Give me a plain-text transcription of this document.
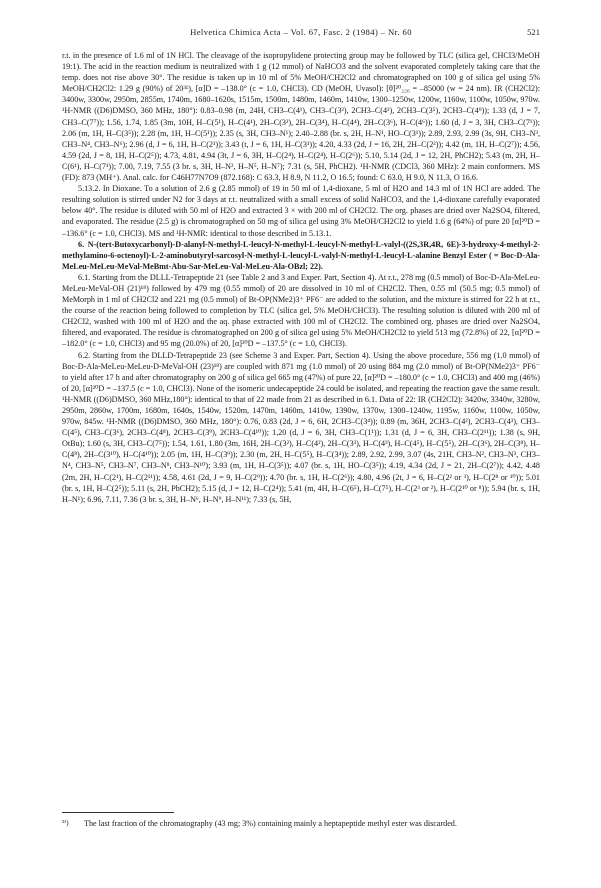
Helvetica Chimica Acta – Vol. 67, Fasc. 2 (1984) – Nr. 60	521

r.t. in the presence of 1.6 ml of 1N HCl. The cleavage of the isopropylidene protecting group may be followed by TLC (silica gel, CHCl3/MeOH 19:1). The acid in the reaction medium is neutralized with 1 g (12 mmol) of NaHCO3 and the solvent evaporated completely taking care that the temp. does not rise above 30°. The residue is taken up in 10 ml of 5% MeOH/CH2Cl2 and chromatographed on 100 g of silica gel using 5% MeOH/CH2Cl2: 1.29 g (90%) of 20³¹), [α]D = –138.0° (c = 1.0, CHCl3). CD (MeOH, Uvasol): [θ]²⁰₂₂₆ = –85000 (w = 24 nm). IR (CH2Cl2): 3400w, 3300w, 2950m, 2855m, 1740m, 1680–1620s, 1515m, 1500m, 1480m, 1460m, 1410w, 1300–1250w, 1200w, 1160w, 1100w, 1050w, 970w. ¹H-NMR ((D6)DMSO, 360 MHz, 180°): 0.83–0.98 (m, 24H, CH3–C(4¹), CH3–C(3²), 2CH3–C(4³), 2CH3–C(3⁵), 2CH3–C(4⁹)); 1.33 (d, J = 7, CH3–C(7⁷)); 1.56, 1.74, 1.85 (3m, 10H, H–C(5¹), H–C(4¹), 2H–C(3²), 2H–C(3⁴), H–C(4⁴), 2H–C(3⁶), H–C(4⁶)); 1.60 (d, J = 3, 3H, CH3–C(7¹)); 2.06 (m, 1H, H–C(3⁵)); 2.28 (m, 1H, H–C(5¹)); 2.35 (s, 3H, CH3–N¹); 2.40–2.88 (br. s, 2H, H–N¹, HO–C(3¹)); 2.89, 2.93, 2.99 (3s, 9H, CH3–N³, CH3–N⁴, CH3–N⁶); 2.96 (d, J = 6, 1H, H–C(2¹)); 3.43 (t, J = 6, 1H, H–C(3¹)); 4.20, 4.33 (2d, J = 16, 2H, 2H–C(2²)); 4.42 (m, 1H, H–C(2⁷)); 4.56, 4.59 (2d, J = 8, 1H, H–C(2⁵)); 4.73, 4.81, 4.94 (3t, J = 6, 3H, H–C(2⁴), H–C(2⁴), H–C(2⁶)); 5.10, 5.14 (2d, J = 12, 2H, PhCH2); 5.43 (m, 2H, H–C(6¹), H–C(7¹)); 7.00, 7.19, 7.55 (3 br. s, 3H, H–N², H–N⁵, H–N⁷); 7.31 (s, 5H, PhCH2). ¹H-NMR (CDCl3, 360 MHz): 2 main conformers. MS (FD): 873 (MH⁺). Anal. calc. for C46H77N7O9 (872.168): C 63.3, H 8.9, N 11.2, O 16.5; found: C 63.0, H 9.0, N 11.3, O 16.6.

5.13.2. In Dioxane. To a solution of 2.6 g (2.85 mmol) of 19 in 50 ml of 1,4-dioxane, 5 ml of H2O and 14.3 ml of 1N HCl are added. The resulting solution is stirred under N2 for 3 days at r.t. neutralized with a small excess of solid NaHCO3, and the 1,4-dioxane carefully evaporated below 40°. The residue is diluted with 50 ml of H2O and extracted 3 × with 200 ml of CH2Cl2. The org. phases are dried over Na2SO4, filtered, and evaporated. The residue (2.5 g) is chromatographed on 50 mg of silica gel using 3% MeOH/CH2Cl2 to yield 1.6 g (64%) of pure 20 [α]²⁰D = –136.6° (c = 1.0, CHCl3). MS and ¹H-NMR: identical to those described in 5.13.1.

6. N-(tert-Butoxycarbonyl)-D-alanyl-N-methyl-L-leucyl-N-methyl-L-leucyl-N-methyl-L-valyl-((2S,3R,4R, 6E)-3-hydroxy-4-methyl-2-methylamino-6-octenoyl)-L-2-aminobutyryl-sarcosyl-N-methyl-L-leucyl-L-valyl-N-methyl-L-leucyl-L-alanine Benzyl Ester ( = Boc-D-Ala-MeLeu-MeLeu-MeVal-MeBmt-Abu-Sar-MeLeu-Val-MeLeu-Ala-OBzl; 22).

6.1. Starting from the DLLL-Tetrapeptide 21 (see Table 2 and 3 and Exper. Part, Section 4). At r.t., 278 mg (0.5 mmol) of Boc-D-Ala-MeLeu-MeLeu-MeVal-OH (21)¹⁸) followed by 479 mg (0.55 mmol) of 20 are dissolved in 10 ml of CH2Cl2. Then, 0.55 ml (50.5 mg; 0.5 mmol) of MeMorph in 1 ml of CH2Cl2 and 221 mg (0.5 mmol) of Bt-OP(NMe2)3⁺ PF6⁻ are added to the solution, and the mixture is stirred for 22 h at r.t., the course of the reaction being followed to completion by TLC (silica gel, 5% MeOH/CHCl3). The resulting solution is diluted with 200 ml of CH2Cl2, washed with 100 ml of H2O and the aq. phase extracted with 100 ml of CH2Cl2. The combined org. phases are dried over Na2SO4, filtered, and evaporated. The residue is chromatographed on 200 g of silica gel using 5% MeOH/CH2Cl2 to yield 513 mg (72.8%) of 22, [α]²⁰D = –182.0° (c = 1.0, CHCl3) and 95 mg (20.0%) of 20, [α]²⁰D = –137.5° (c = 1.0, CHCl3).

6.2. Starting from the DLLD-Tetrapeptide 23 (see Scheme 3 and Exper. Part, Section 4). Using the above procedure, 556 mg (1.0 mmol) of Boc-D-Ala-MeLeu-MeLeu-D-MeVal-OH (23)¹⁸) are coupled with 871 mg (1.0 mmol) of 20 using 884 mg (2.0 mmol) of Bt-OP(NMe2)3⁺ PF6⁻ to yield after 17 h and after chromatography on 200 g of silica gel 665 mg (47%) of pure 22, [α]²⁰D = –180.0° (c = 1.0, CHCl3) and 400 mg (46%) of 20, [α]²⁰D = –137.5 (c = 1.0, CHCl3). None of the isomeric undecapeptide 24 could be isolated, and repeating the reaction gave the same result. ¹H-NMR ((D6)DMSO, 360 MHz,180°): identical to that of 22 made from 21 as described in 6.1. Data of 22: IR (CH2Cl2): 3420w, 3340w, 3280w, 2950m, 2860w, 1700m, 1680m, 1640s, 1540w, 1520m, 1470m, 1460m, 1410w, 1390w, 1370w, 1300–1240w, 1195w, 1160w, 1100w, 1050w, 970w, 845w. ¹H-NMR ((D6)DMSO, 360 MHz, 180°): 0.76, 0.83 (2d, J = 6, 6H, 2CH3–C(3⁴)); 0.89 (m, 36H, 2CH3–C(4²), 2CH3–C(4³), CH3–C(4⁵), CH3–C(3⁶), 2CH3–C(4⁸), 2CH3–C(3⁹), 2CH3–C(4¹⁰)); 1,20 (d, J = 6, 3H, CH3–C(1¹)); 1.31 (d, J = 6, 3H, CH3–C(2¹¹)); 1.38 (s, 9H, OtBu); 1.60 (s, 3H, CH3–C(7⁵)); 1.54, 1.61, 1.80 (3m, 16H, 2H–C(3²), H–C(4²), 2H–C(3³), H–C(4³), H–C(4⁵), H–C(5⁵), 2H–C(3⁶), 2H–C(3⁸), H–C(4⁸), 2H–C(3¹⁰), H–C(4¹⁰)); 2.05 (m, 1H, H–C(3⁹)); 2.30 (m, 2H, H–C(5⁵), H–C(3⁴)); 2.89, 2.92, 2.99, 3.07 (4s, 21H, CH3–N², CH3–N³, CH3–N⁴, CH3–N⁵, CH3–N⁷, CH3–N⁸, CH3–N¹⁰); 3.93 (m, 1H, H–C(3⁵)); 4.07 (br. s, 1H, HO–C(3⁵)); 4.19, 4.34 (2d, J = 21, 2H–C(2⁷)); 4.42, 4.48 (2m, 2H, H–C(2¹), H–C(2¹¹)); 4.58, 4.61 (2d, J = 9, H–C(2⁹)); 4.70 (br. s, 1H, H–C(2⁶)); 4.80, 4.96 (2t, J = 6, H–C(2² or ³), H–C(2⁸ or ¹⁰)); 5.01 (br. s, 1H, H–C(2⁵)); 5.11 (s, 2H, PhCH2); 5.15 (d, J = 12, H–C(2⁴)); 5.41 (m, 4H, H–C(6⁵), H–C(7⁵), H–C(2³ or ²), H–C(2¹⁰ or ⁸)); 5.94 (br. s, 1H, H–N¹); 6.96, 7.11, 7.36 (3 br. s, 3H, H–N⁶, H–N⁹, H–N¹¹); 7.33 (s, 5H,

³¹) The last fraction of the chromatography (43 mg; 3%) containing mainly a heptapeptide methyl ester was discarded.
